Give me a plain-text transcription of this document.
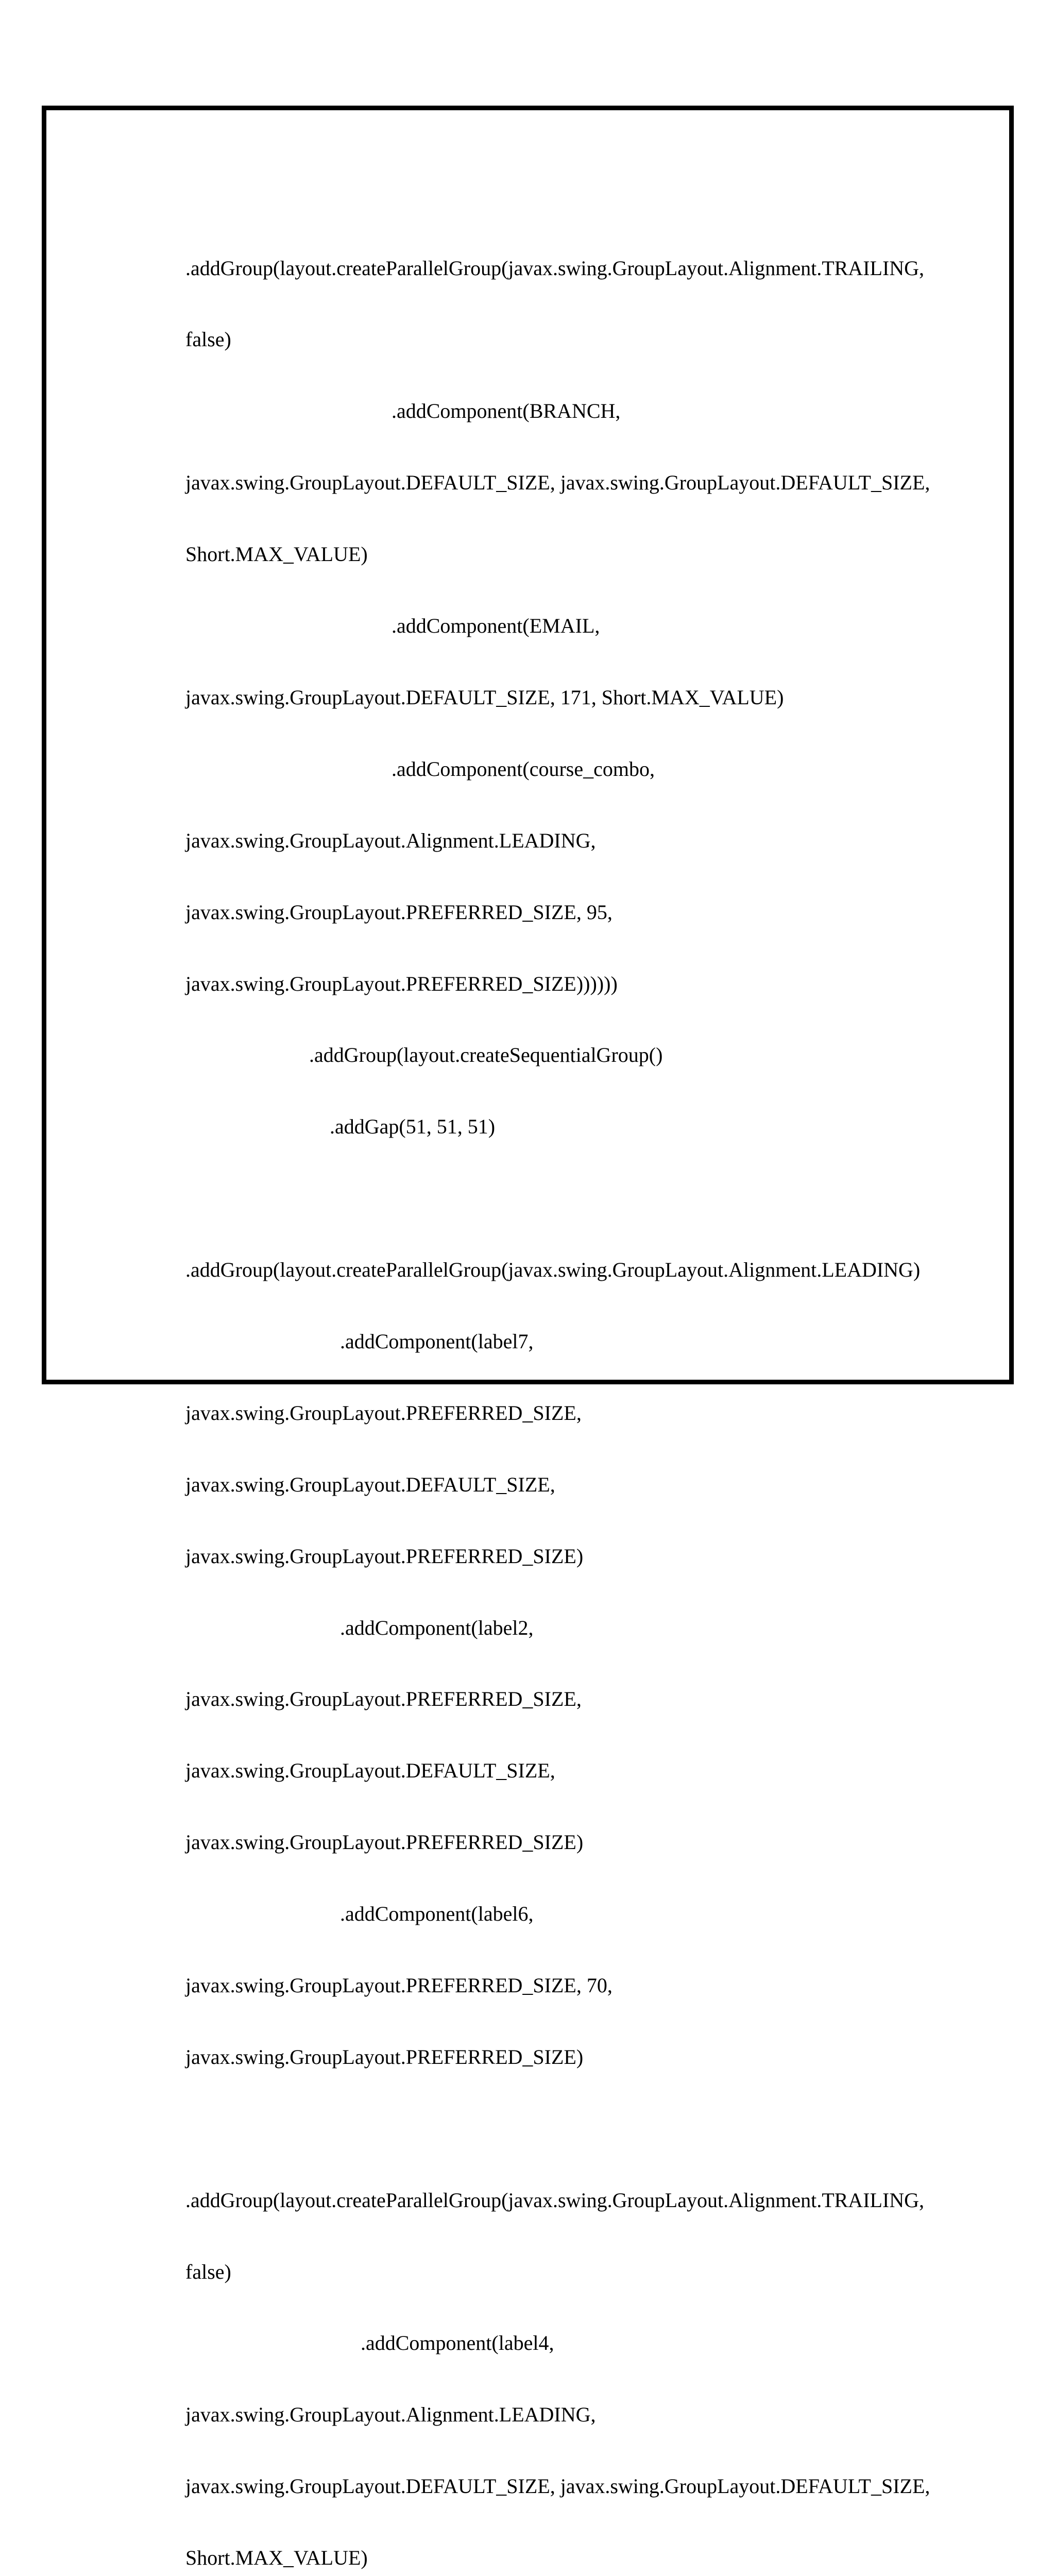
.addGroup(layout.createParallelGroup(javax.swing.GroupLayout.Alignment.TRAILING,

false)

.addComponent(BRANCH,

javax.swing.GroupLayout.DEFAULT_SIZE, javax.swing.GroupLayout.DEFAULT_SIZE,

Short.MAX_VALUE)

.addComponent(EMAIL,

javax.swing.GroupLayout.DEFAULT_SIZE, 171, Short.MAX_VALUE)

.addComponent(course_combo,

javax.swing.GroupLayout.Alignment.LEADING,

javax.swing.GroupLayout.PREFERRED_SIZE, 95,

javax.swing.GroupLayout.PREFERRED_SIZE))))))

.addGroup(layout.createSequentialGroup()

.addGap(51, 51, 51)

.addGroup(layout.createParallelGroup(javax.swing.GroupLayout.Alignment.LEADING)

.addComponent(label7,

javax.swing.GroupLayout.PREFERRED_SIZE,

javax.swing.GroupLayout.DEFAULT_SIZE,

javax.swing.GroupLayout.PREFERRED_SIZE)

.addComponent(label2,

javax.swing.GroupLayout.PREFERRED_SIZE,

javax.swing.GroupLayout.DEFAULT_SIZE,

javax.swing.GroupLayout.PREFERRED_SIZE)

.addComponent(label6,

javax.swing.GroupLayout.PREFERRED_SIZE, 70,

javax.swing.GroupLayout.PREFERRED_SIZE)

.addGroup(layout.createParallelGroup(javax.swing.GroupLayout.Alignment.TRAILING,

false)

.addComponent(label4,

javax.swing.GroupLayout.Alignment.LEADING,

javax.swing.GroupLayout.DEFAULT_SIZE, javax.swing.GroupLayout.DEFAULT_SIZE,

Short.MAX_VALUE)
